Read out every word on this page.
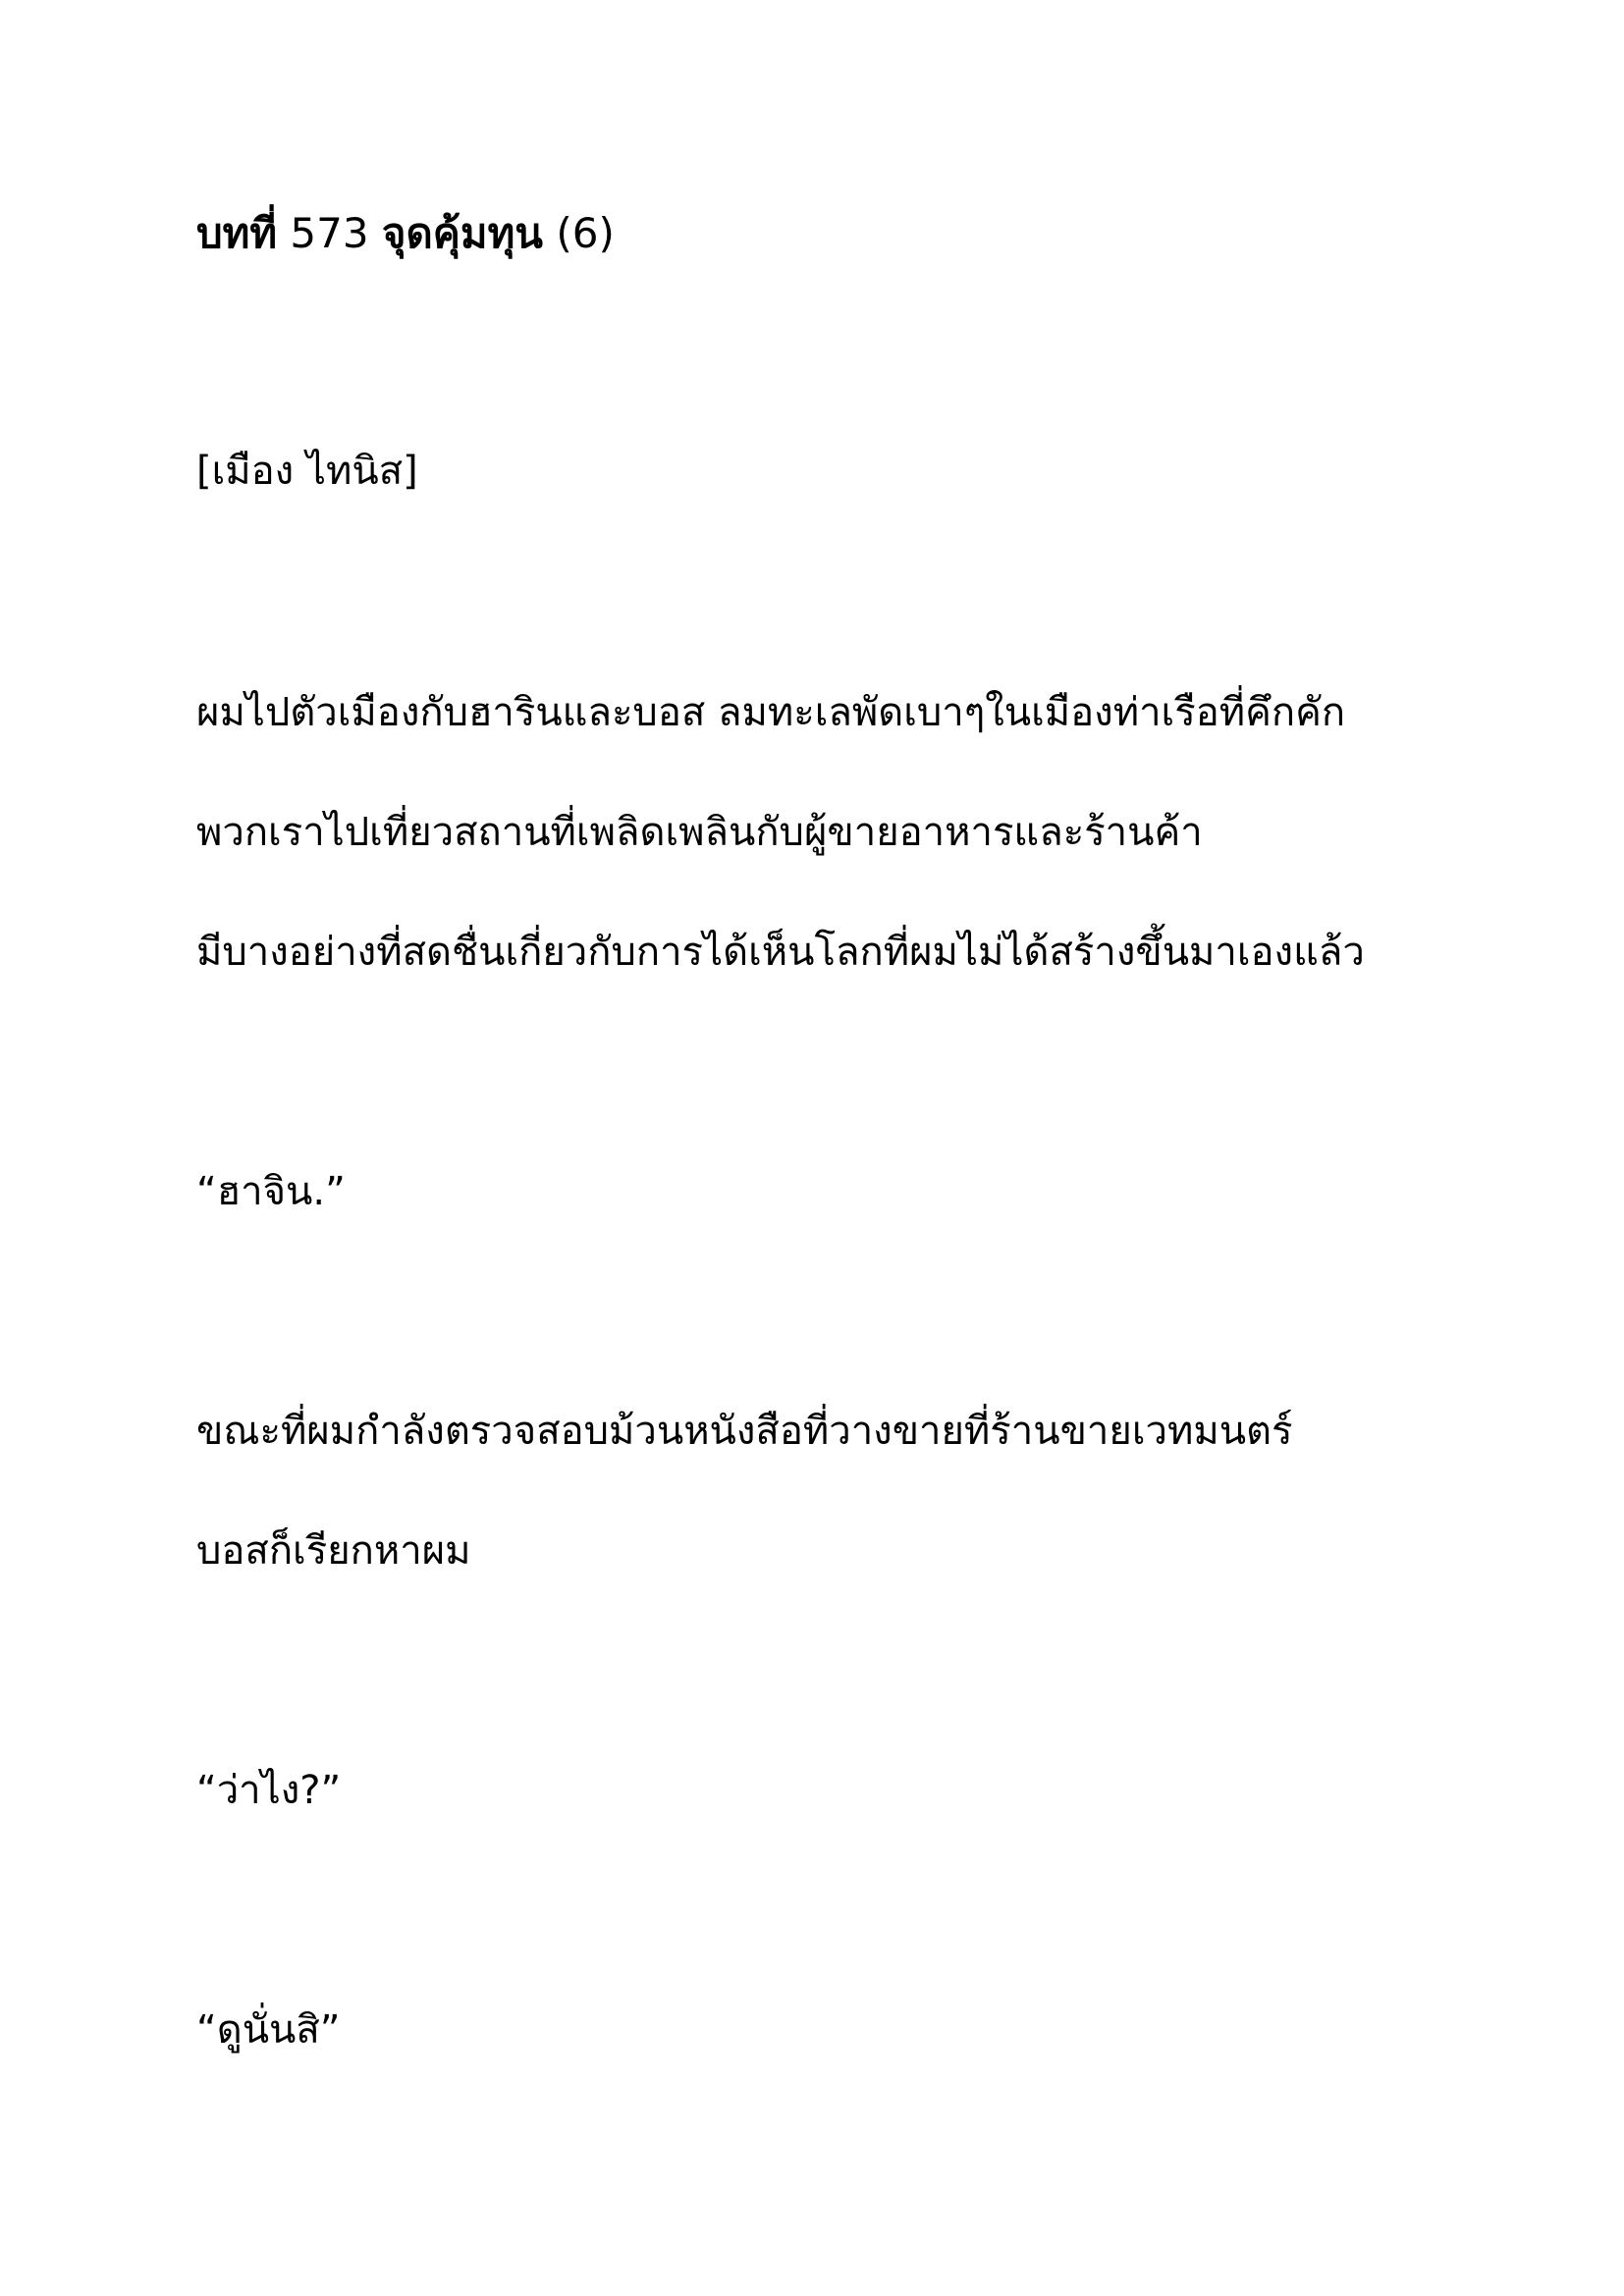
บทที่ 573 จุดคุ้มทุน (6)
[เมือง ไทนิส]
ผมไปตัวเมืองกับฮารินและบอส ลมทะเลพัดเบาๆในเมืองท่าเรือที่คึกคัก
พวกเราไปเที่ยวสถานที่เพลิดเพลินกับผู้ขายอาหารและร้านค้า
มีบางอย่างที่สดชื่นเกี่ยวกับการได้เห็นโลกที่ผมไม่ได้สร้างขึ้นมาเองแล้ว
“ฮาจิน.”
ขณะที่ผมกำลังตรวจสอบม้วนหนังสือที่วางขายที่ร้านขายเวทมนตร์
บอสก็เรียกหาผม
“ว่าไง?”
“ดูนั่นสิ”
